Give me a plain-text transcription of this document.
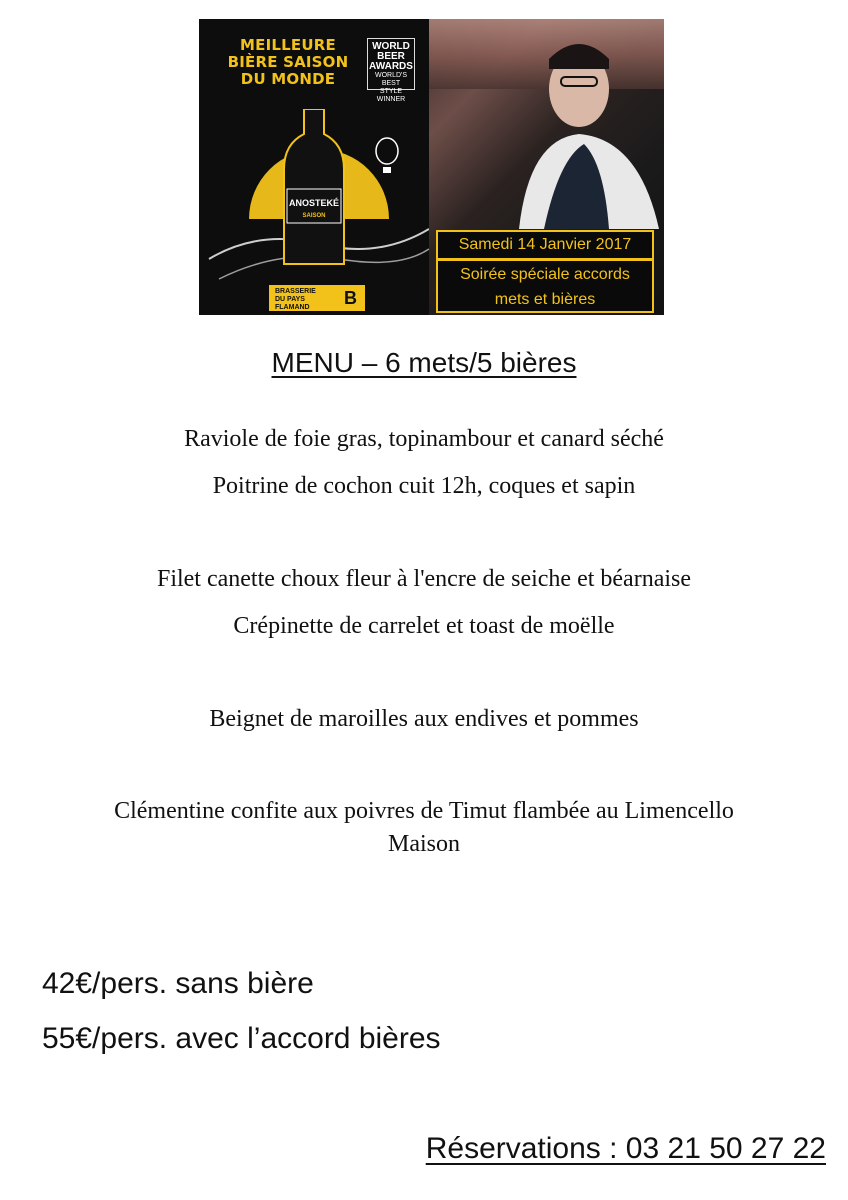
MEILLEURE
BIÈRE SAISON
DU MONDE
WORLD
BEER
AWARDS
WORLD'S BEST
STYLE
WINNER
ANOSTEKÉ
SAISON
BRASSERIE
DU PAYS
FLAMAND	B
Samedi 14 Janvier 2017
Soirée spéciale accords
mets et bières
MENU – 6 mets/5 bières
Raviole de foie gras, topinambour et canard séché
Poitrine de cochon cuit 12h, coques et sapin
Filet canette choux fleur à l'encre de seiche et béarnaise
Crépinette de carrelet et toast de moëlle
Beignet de maroilles aux endives et pommes
Clémentine confite aux poivres de Timut flambée au Limencello
Maison
42€/pers. sans bière
55€/pers. avec l’accord bières
Réservations : 03 21 50 27 22
